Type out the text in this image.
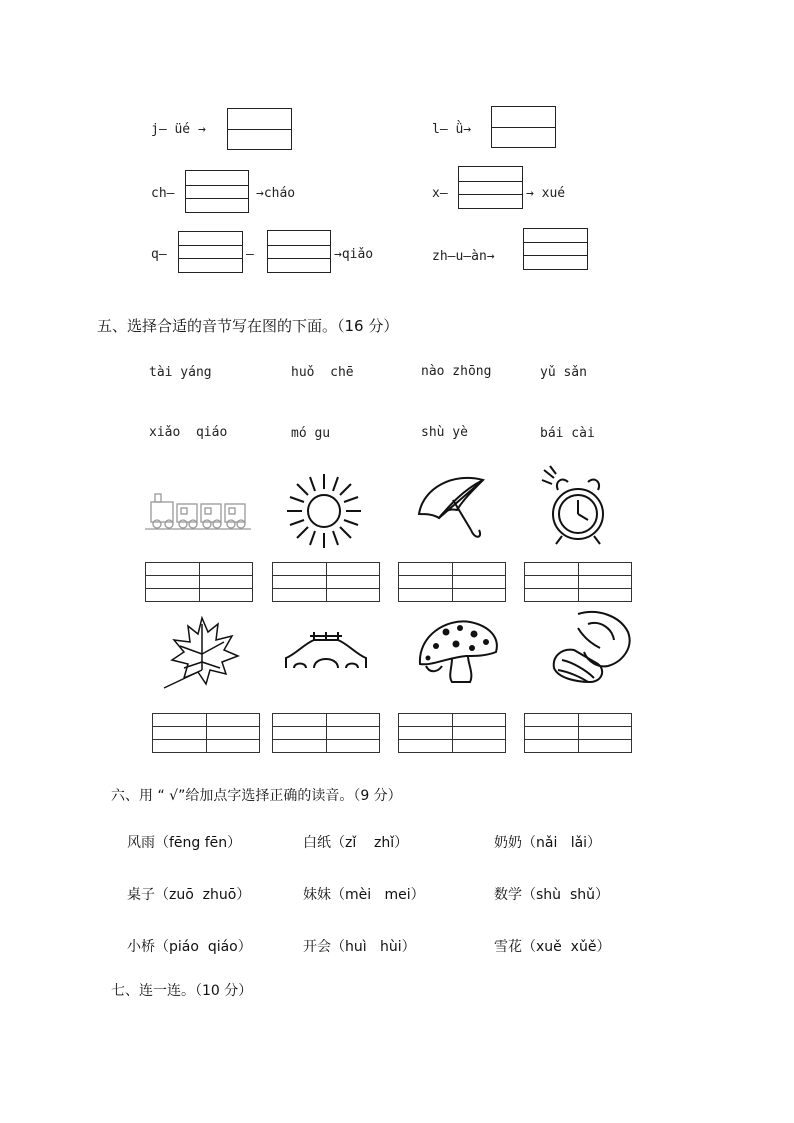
j— üé →	l— ǜ→
ch—	→cháo	x—	→ xué
q—	—	→qiǎo	zh—u—àn→
五、选择合适的音节写在图的下面。（16 分）
tài yáng	huǒ  chē	nào zhōng	yǔ sǎn
xiǎo  qiáo	mó gu	shù yè	bái cài
六、用 “ √”给加点字选择正确的读音。（9 分）
风雨（fēng fēn）	白纸（zǐ    zhǐ）	奶奶（nǎi   lǎi）
桌子（zuō  zhuō）	妹妹（mèi   mei）	数学（shù  shǔ）
小桥（piáo  qiáo）	开会（huì   hùi）	雪花（xuě  xǔě）
七、连一连。（10 分）
